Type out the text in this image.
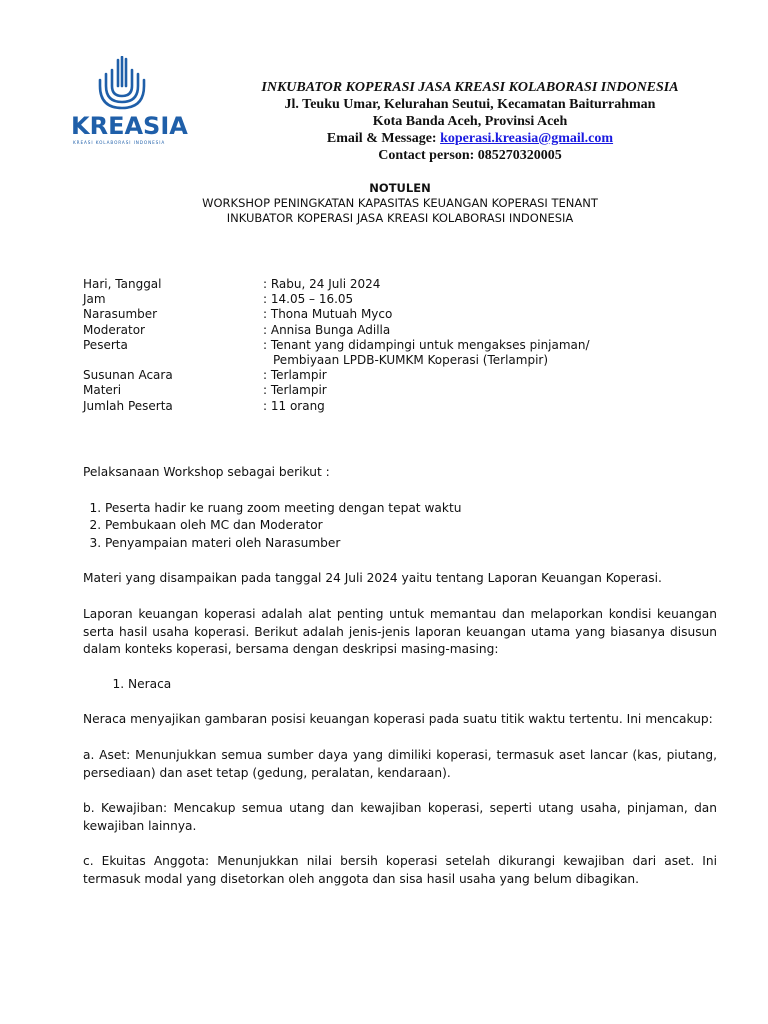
KREASIA
KREASI KOLABORASI INDONESIA
INKUBATOR KOPERASI JASA KREASI KOLABORASI INDONESIA
Jl. Teuku Umar, Kelurahan Seutui, Kecamatan Baiturrahman
Kota Banda Aceh, Provinsi Aceh
Email & Message: koperasi.kreasia@gmail.com
Contact person: 085270320005
NOTULEN
WORKSHOP PENINGKATAN KAPASITAS KEUANGAN KOPERASI TENANT
INKUBATOR KOPERASI JASA KREASI KOLABORASI INDONESIA
Hari, Tanggal	: Rabu, 24 Juli 2024
Jam	: 14.05 – 16.05
Narasumber	: Thona Mutuah Myco
Moderator	: Annisa Bunga Adilla
Peserta	: Tenant yang didampingi untuk mengakses pinjaman/
Pembiyaan LPDB-KUMKM Koperasi (Terlampir)
Susunan Acara	: Terlampir
Materi	: Terlampir
Jumlah Peserta	: 11 orang

Pelaksanaan Workshop sebagai berikut :

1. Peserta hadir ke ruang zoom meeting dengan tepat waktu
2. Pembukaan oleh MC dan Moderator
3. Penyampaian materi oleh Narasumber

Materi yang disampaikan pada tanggal 24 Juli 2024 yaitu tentang Laporan Keuangan Koperasi.

Laporan keuangan koperasi adalah alat penting untuk memantau dan melaporkan kondisi keuangan serta hasil usaha koperasi. Berikut adalah jenis-jenis laporan keuangan utama yang biasanya disusun dalam konteks koperasi, bersama dengan deskripsi masing-masing:

1. Neraca

Neraca menyajikan gambaran posisi keuangan koperasi pada suatu titik waktu tertentu. Ini mencakup:

a. Aset: Menunjukkan semua sumber daya yang dimiliki koperasi, termasuk aset lancar (kas, piutang, persediaan) dan aset tetap (gedung, peralatan, kendaraan).

b. Kewajiban: Mencakup semua utang dan kewajiban koperasi, seperti utang usaha, pinjaman, dan kewajiban lainnya.

c. Ekuitas Anggota: Menunjukkan nilai bersih koperasi setelah dikurangi kewajiban dari aset. Ini termasuk modal yang disetorkan oleh anggota dan sisa hasil usaha yang belum dibagikan.
